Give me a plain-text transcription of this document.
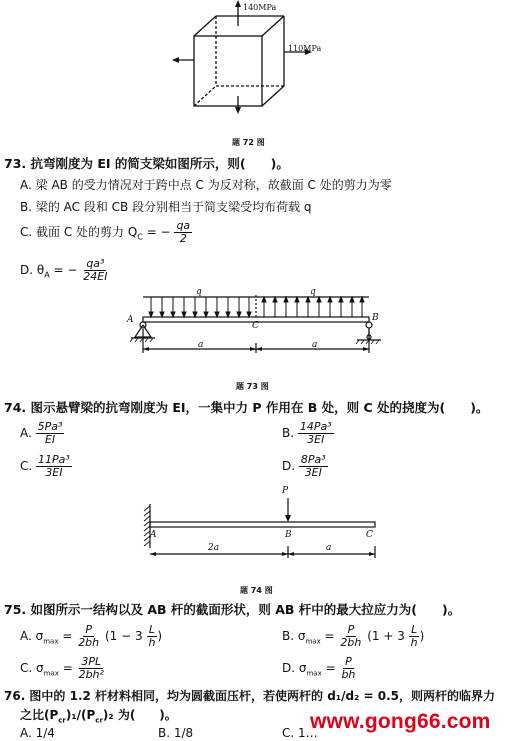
140MPa
110MPa
题 72 图
73. 抗弯刚度为 EI 的简支梁如图所示，则(　　)。
A. 梁 AB 的受力情况对于跨中点 C 为反对称，故截面 C 处的剪力为零
B. 梁的 AC 段和 CB 段分别相当于简支梁受均布荷载 q
C. 截面 C 处的剪力 $Q_C$ = − $\frac{qa}{2}$
D. $\theta_A$ = − $\frac{\text{qa³}}{24EI}$
q	q
A
C
B
a	a
题 73 图
74. 图示悬臂梁的抗弯刚度为 EI，一集中力 P 作用在 B 处，则 C 处的挠度为(　　)。
A. $\frac{\text{5Pa³}}{EI}$	B. $\frac{\text{14Pa³}}{3EI}$
C. $\frac{\text{11Pa³}}{3EI}$	D. $\frac{\text{8Pa³}}{3EI}$
P
A	B	C
2a	a
题 74 图
75. 如图所示一结构以及 AB 杆的截面形状，则 AB 杆中的最大拉应力为(　　)。
A. $\sigma_{max} = \frac{P}{2bh} (1 - 3 \frac{L}{h}$ )	B. $\sigma_{max} = \frac{P}{2bh} (1 + 3 \frac{L}{h}$ )
C. $\sigma_{max} = \frac{3PL}{\text{2bh²}}$	D. $\sigma_{max} = \frac{P}{bh}$
76. 图中的 1.2 杆材料相同，均为圆截面压杆，若使两杆的 d₁/d₂ = 0.5，则两杆的临界力
之比$(P_{cr})_1/(P_{cr})_2$ 为(　　)。
A. 1/4	B. 1/8	C. 1…
www.gong66.com
